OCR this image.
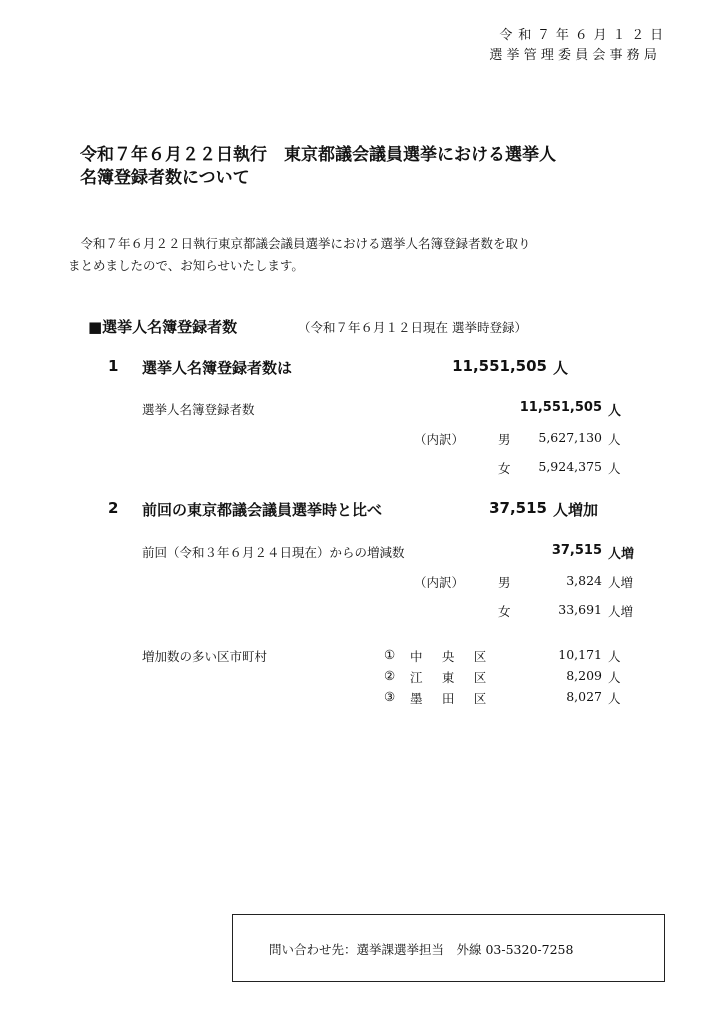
令和７年６月１２日
選挙管理委員会事務局
令和７年６月２２日執行　東京都議会議員選挙における選挙人
名簿登録者数について
　令和７年６月２２日執行東京都議会議員選挙における選挙人名簿登録者数を取り
まとめましたので、お知らせいたします。
■選挙人名簿登録者数	（令和７年６月１２日現在 選挙時登録）
1 選挙人名簿登録者数は	11,551,505 人
選挙人名簿登録者数	11,551,505 人
（内訳）	男	5,627,130 人
女	5,924,375 人
2 前回の東京都議会議員選挙時と比べ	37,515 人増加
前回（令和３年６月２４日現在）からの増減数	37,515 人増
（内訳）	男	3,824 人増
女	33,691 人増
増加数の多い区市町村	① 中央区	10,171 人
② 江東区	8,209 人
③ 墨田区	8,027 人
問い合わせ先：選挙課選挙担当　外線 03-5320-7258
